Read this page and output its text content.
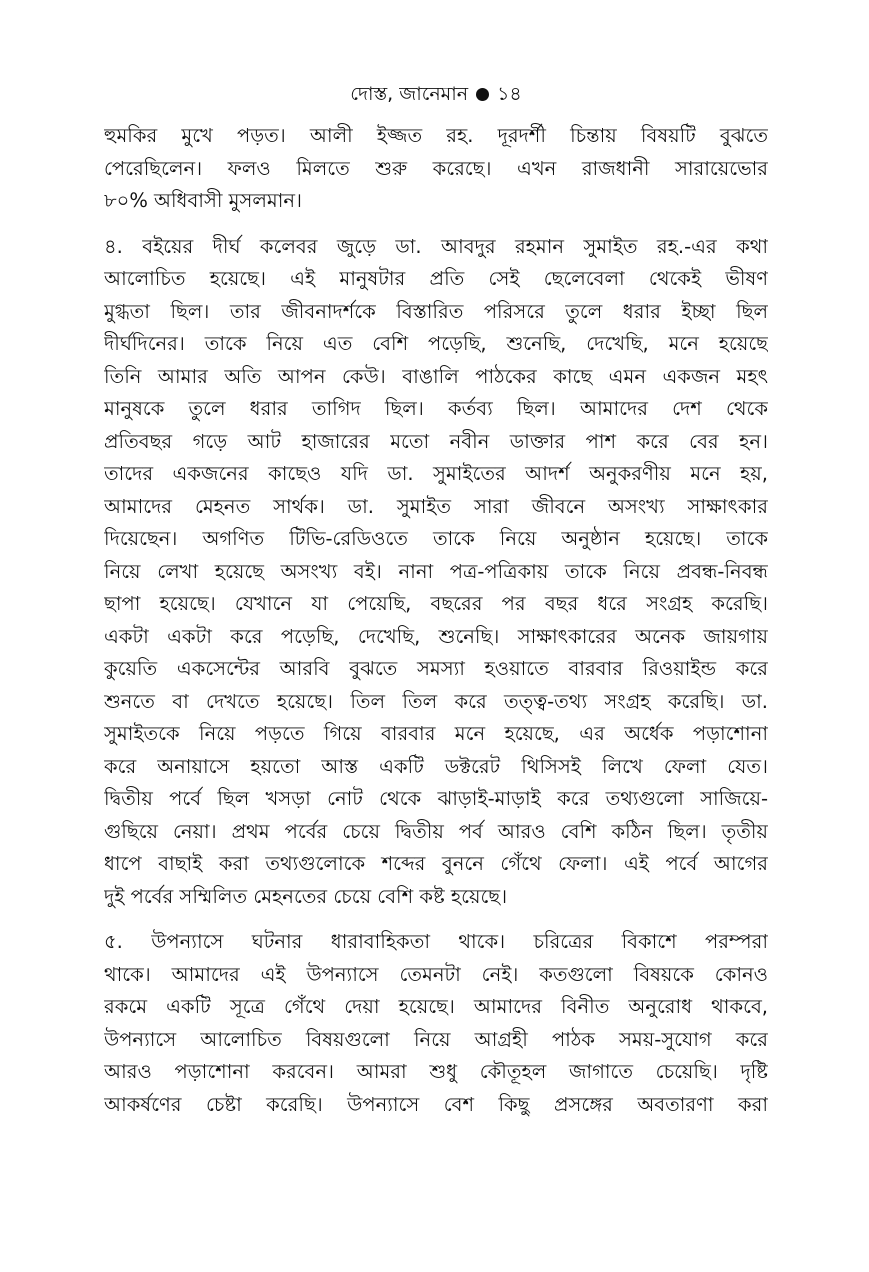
দোস্ত, জানেমান ১৪
হুমকির মুখে পড়ত। আলী ইজ্জত রহ. দূরদর্শী চিন্তায় বিষয়টি বুঝতে
পেরেছিলেন। ফলও মিলতে শুরু করেছে। এখন রাজধানী সারায়েভোর
৮০% অধিবাসী মুসলমান।
৪. বইয়ের দীর্ঘ কলেবর জুড়ে ডা. আবদুর রহমান সুমাইত রহ.-এর কথা
আলোচিত হয়েছে। এই মানুষটার প্রতি সেই ছেলেবেলা থেকেই ভীষণ
মুগ্ধতা ছিল। তার জীবনাদর্শকে বিস্তারিত পরিসরে তুলে ধরার ইচ্ছা ছিল
দীর্ঘদিনের। তাকে নিয়ে এত বেশি পড়েছি, শুনেছি, দেখেছি, মনে হয়েছে
তিনি আমার অতি আপন কেউ। বাঙালি পাঠকের কাছে এমন একজন মহৎ
মানুষকে তুলে ধরার তাগিদ ছিল। কর্তব্য ছিল। আমাদের দেশ থেকে
প্রতিবছর গড়ে আট হাজারের মতো নবীন ডাক্তার পাশ করে বের হন।
তাদের একজনের কাছেও যদি ডা. সুমাইতের আদর্শ অনুকরণীয় মনে হয়,
আমাদের মেহনত সার্থক। ডা. সুমাইত সারা জীবনে অসংখ্য সাক্ষাৎকার
দিয়েছেন। অগণিত টিভি-রেডিওতে তাকে নিয়ে অনুষ্ঠান হয়েছে। তাকে
নিয়ে লেখা হয়েছে অসংখ্য বই। নানা পত্র-পত্রিকায় তাকে নিয়ে প্রবন্ধ-নিবন্ধ
ছাপা হয়েছে। যেখানে যা পেয়েছি, বছরের পর বছর ধরে সংগ্রহ করেছি।
একটা একটা করে পড়েছি, দেখেছি, শুনেছি। সাক্ষাৎকারের অনেক জায়গায়
কুয়েতি একসেন্টের আরবি বুঝতে সমস্যা হওয়াতে বারবার রিওয়াইন্ড করে
শুনতে বা দেখতে হয়েছে। তিল তিল করে তত্ত্ব-তথ্য সংগ্রহ করেছি। ডা.
সুমাইতকে নিয়ে পড়তে গিয়ে বারবার মনে হয়েছে, এর অর্ধেক পড়াশোনা
করে অনায়াসে হয়তো আস্ত একটি ডক্টরেট থিসিসই লিখে ফেলা যেত।
দ্বিতীয় পর্বে ছিল খসড়া নোট থেকে ঝাড়াই-মাড়াই করে তথ্যগুলো সাজিয়ে-
গুছিয়ে নেয়া। প্রথম পর্বের চেয়ে দ্বিতীয় পর্ব আরও বেশি কঠিন ছিল। তৃতীয়
ধাপে বাছাই করা তথ্যগুলোকে শব্দের বুননে গেঁথে ফেলা। এই পর্বে আগের
দুই পর্বের সম্মিলিত মেহনতের চেয়ে বেশি কষ্ট হয়েছে।
৫. উপন্যাসে ঘটনার ধারাবাহিকতা থাকে। চরিত্রের বিকাশে পরম্পরা
থাকে। আমাদের এই উপন্যাসে তেমনটা নেই। কতগুলো বিষয়কে কোনও
রকমে একটি সূত্রে গেঁথে দেয়া হয়েছে। আমাদের বিনীত অনুরোধ থাকবে,
উপন্যাসে আলোচিত বিষয়গুলো নিয়ে আগ্রহী পাঠক সময়-সুযোগ করে
আরও পড়াশোনা করবেন। আমরা শুধু কৌতূহল জাগাতে চেয়েছি। দৃষ্টি
আকর্ষণের চেষ্টা করেছি। উপন্যাসে বেশ কিছু প্রসঙ্গের অবতারণা করা
